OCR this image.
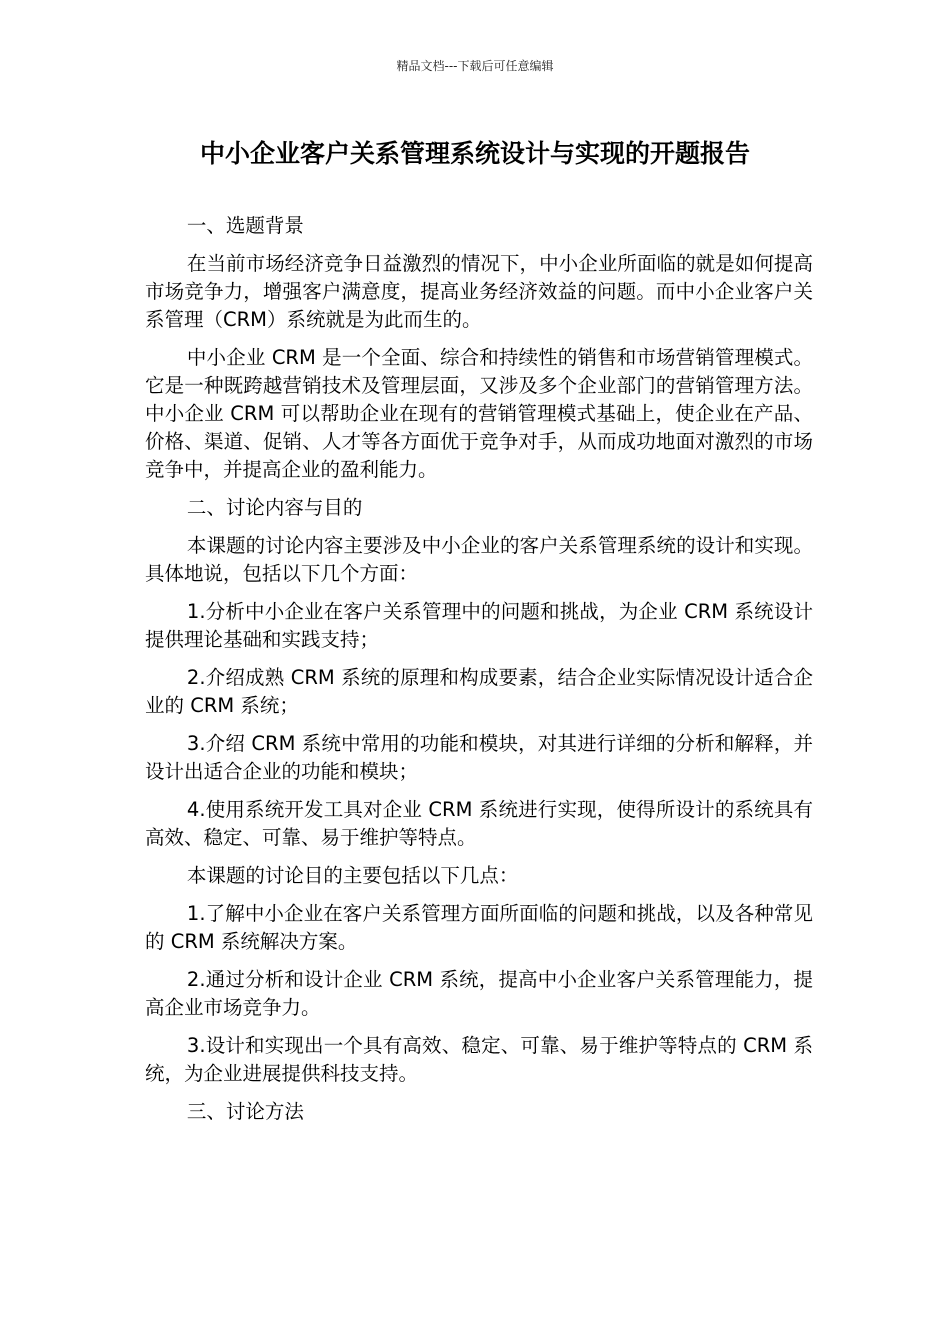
精品文档---下载后可任意编辑
中小企业客户关系管理系统设计与实现的开题报告
一、选题背景

在当前市场经济竞争日益激烈的情况下，中小企业所面临的就是如何提高市场竞争力，增强客户满意度，提高业务经济效益的问题。而中小企业客户关系管理（CRM）系统就是为此而生的。

中小企业 CRM 是一个全面、综合和持续性的销售和市场营销管理模式。它是一种既跨越营销技术及管理层面，又涉及多个企业部门的营销管理方法。中小企业 CRM 可以帮助企业在现有的营销管理模式基础上，使企业在产品、价格、渠道、促销、人才等各方面优于竞争对手，从而成功地面对激烈的市场竞争中，并提高企业的盈利能力。

二、讨论内容与目的

本课题的讨论内容主要涉及中小企业的客户关系管理系统的设计和实现。具体地说，包括以下几个方面：

1.分析中小企业在客户关系管理中的问题和挑战，为企业 CRM 系统设计提供理论基础和实践支持；

2.介绍成熟 CRM 系统的原理和构成要素，结合企业实际情况设计适合企业的 CRM 系统；

3.介绍 CRM 系统中常用的功能和模块，对其进行详细的分析和解释，并设计出适合企业的功能和模块；

4.使用系统开发工具对企业 CRM 系统进行实现，使得所设计的系统具有高效、稳定、可靠、易于维护等特点。

本课题的讨论目的主要包括以下几点：

1.了解中小企业在客户关系管理方面所面临的问题和挑战，以及各种常见的 CRM 系统解决方案。

2.通过分析和设计企业 CRM 系统，提高中小企业客户关系管理能力，提高企业市场竞争力。

3.设计和实现出一个具有高效、稳定、可靠、易于维护等特点的 CRM 系统，为企业进展提供科技支持。

三、讨论方法
